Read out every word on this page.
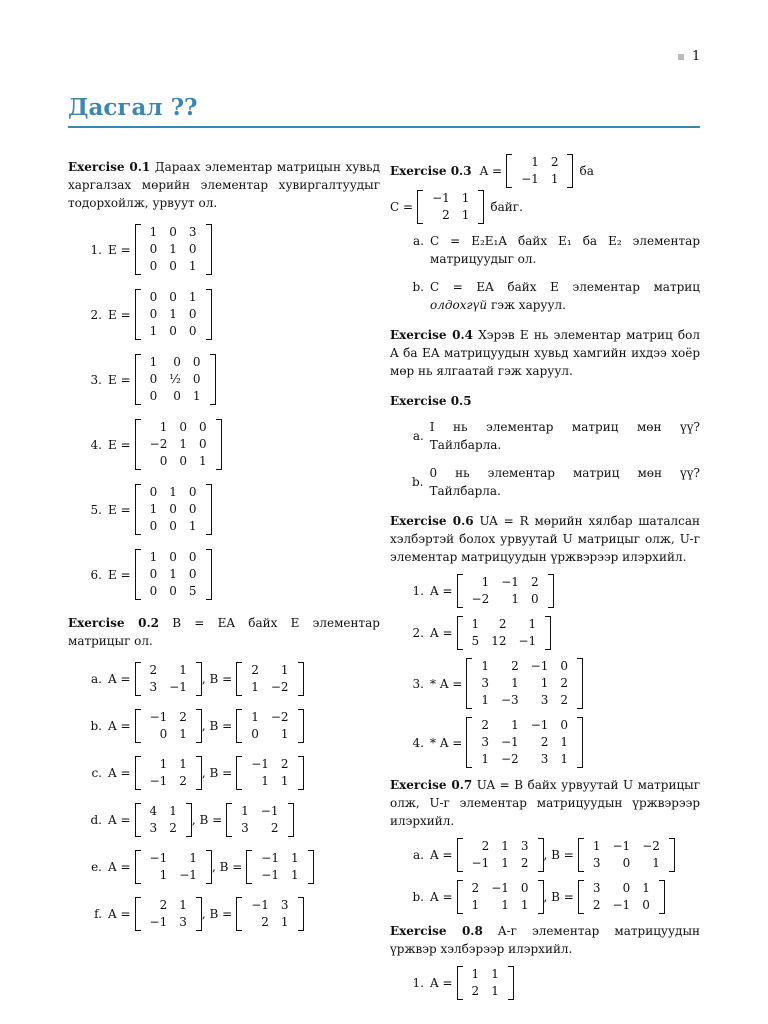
1
Дасгал ??
Exercise 0.1 Дараах элементар матрицын хувьд харгалзах мөрийн элементар хувиргалтуудыг тодорхойлж, урвуут ол.
1. E =
1	0	3
0	1	0
0	0	1
2. E =
0	0	1
0	1	0
1	0	0
3. E =
1	0	0
0	½	0
0	0	1
4. E =
1	0	0
−2	1	0
0	0	1
5. E =
0	1	0
1	0	0
0	0	1
6. E =
1	0	0
0	1	0
0	0	5
Exercise 0.2 B = EA байх E элементар матрицыг ол.
a. A =
2	1
3	−1
, B =
2	1
1	−2
b. A =
−1	2
0	1
, B =
1	−2
0	1
c. A =
1	1
−1	2
, B =
−1	2
1	1
d. A =
4	1
3	2
, B =
1	−1
3	2
e. A =
−1	1
1	−1
, B =
−1	1
−1	1
f. A =
2	1
−1	3
, B =
−1	3
2	1
Exercise 0.3 A =
1	2
−1	1
ба
C =
−1	1
2	1
байг.
a. C = E₂E₁A байх E₁ ба E₂ элементар матрицуудыг ол.
b. C = EA байх E элементар матриц олдохгүй гэж харуул.
Exercise 0.4 Хэрэв E нь элементар матриц бол A ба EA матрицуудын хувьд хамгийн ихдээ хоёр мөр нь ялгаатай гэж харуул.
Exercise 0.5
a.
I нь элементар матриц мөн үү? Тайлбарла.
b.
0 нь элементар матриц мөн үү? Тайлбарла.
Exercise 0.6 UA = R мөрийн хялбар шаталсан хэлбэртэй болох урвуутай U матрицыг олж, U-г элементар матрицуудын үржвэрээр илэрхийл.
1. A =
1	−1	2
−2	1	0
2. A =
1	2	1
5	12	−1
3. * A =
1	2	−1	0
3	1	1	2
1	−3	3	2
4. * A =
2	1	−1	0
3	−1	2	1
1	−2	3	1
Exercise 0.7 UA = B байх урвуутай U матрицыг олж, U-г элементар матрицуудын үржвэрээр илэрхийл.
a. A =
2	1	3
−1	1	2
, B =
1	−1	−2
3	0	1
b. A =
2	−1	0
1	1	1
, B =
3	0	1
2	−1	0
Exercise 0.8 A-г элементар матрицуудын үржвэр хэлбэрээр илэрхийл.
1. A =
1	1
2	1
